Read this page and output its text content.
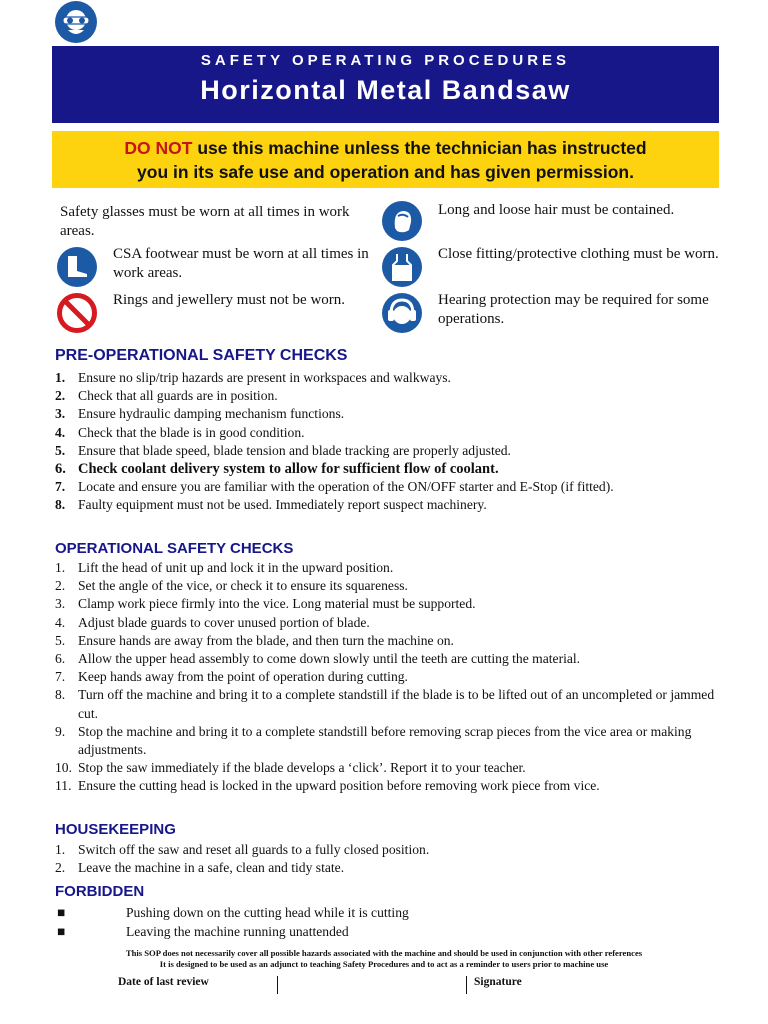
SAFETY OPERATING PROCEDURES
Horizontal Metal Bandsaw
DO NOT use this machine unless the technician has instructed
you in its safe use and operation and has given permission.
Safety glasses must be worn at all times in work areas.
CSA footwear must be worn at all times in work areas.
Rings and jewellery must not be worn.
Long and loose hair must be contained.
Close fitting/protective clothing must be worn.
Hearing protection may be required for some operations.
PRE-OPERATIONAL SAFETY CHECKS
1. Ensure no slip/trip hazards are present in workspaces and walkways.
2. Check that all guards are in position.
3. Ensure hydraulic damping mechanism functions.
4. Check that the blade is in good condition.
5. Ensure that blade speed, blade tension and blade tracking are properly adjusted.
6. Check coolant delivery system to allow for sufficient flow of coolant.
7. Locate and ensure you are familiar with the operation of the ON/OFF starter and E-Stop (if fitted).
8. Faulty equipment must not be used. Immediately report suspect machinery.
OPERATIONAL SAFETY CHECKS
1. Lift the head of unit up and lock it in the upward position.
2. Set the angle of the vice, or check it to ensure its squareness.
3. Clamp work piece firmly into the vice. Long material must be supported.
4. Adjust blade guards to cover unused portion of blade.
5. Ensure hands are away from the blade, and then turn the machine on.
6. Allow the upper head assembly to come down slowly until the teeth are cutting the material.
7. Keep hands away from the point of operation during cutting.
8. Turn off the machine and bring it to a complete standstill if the blade is to be lifted out of an uncompleted or jammed cut.
9. Stop the machine and bring it to a complete standstill before removing scrap pieces from the vice area or making adjustments.
10. Stop the saw immediately if the blade develops a ‘click’. Report it to your teacher.
11. Ensure the cutting head is locked in the upward position before removing work piece from vice.
HOUSEKEEPING
1. Switch off the saw and reset all guards to a fully closed position.
2. Leave the machine in a safe, clean and tidy state.
FORBIDDEN
■	Pushing down on the cutting head while it is cutting
■	Leaving the machine running unattended
This SOP does not necessarily cover all possible hazards associated with the machine and should be used in conjunction with other references
It is designed to be used as an adjunct to teaching Safety Procedures and to act as a reminder to users prior to machine use
Date of last review	Signature
